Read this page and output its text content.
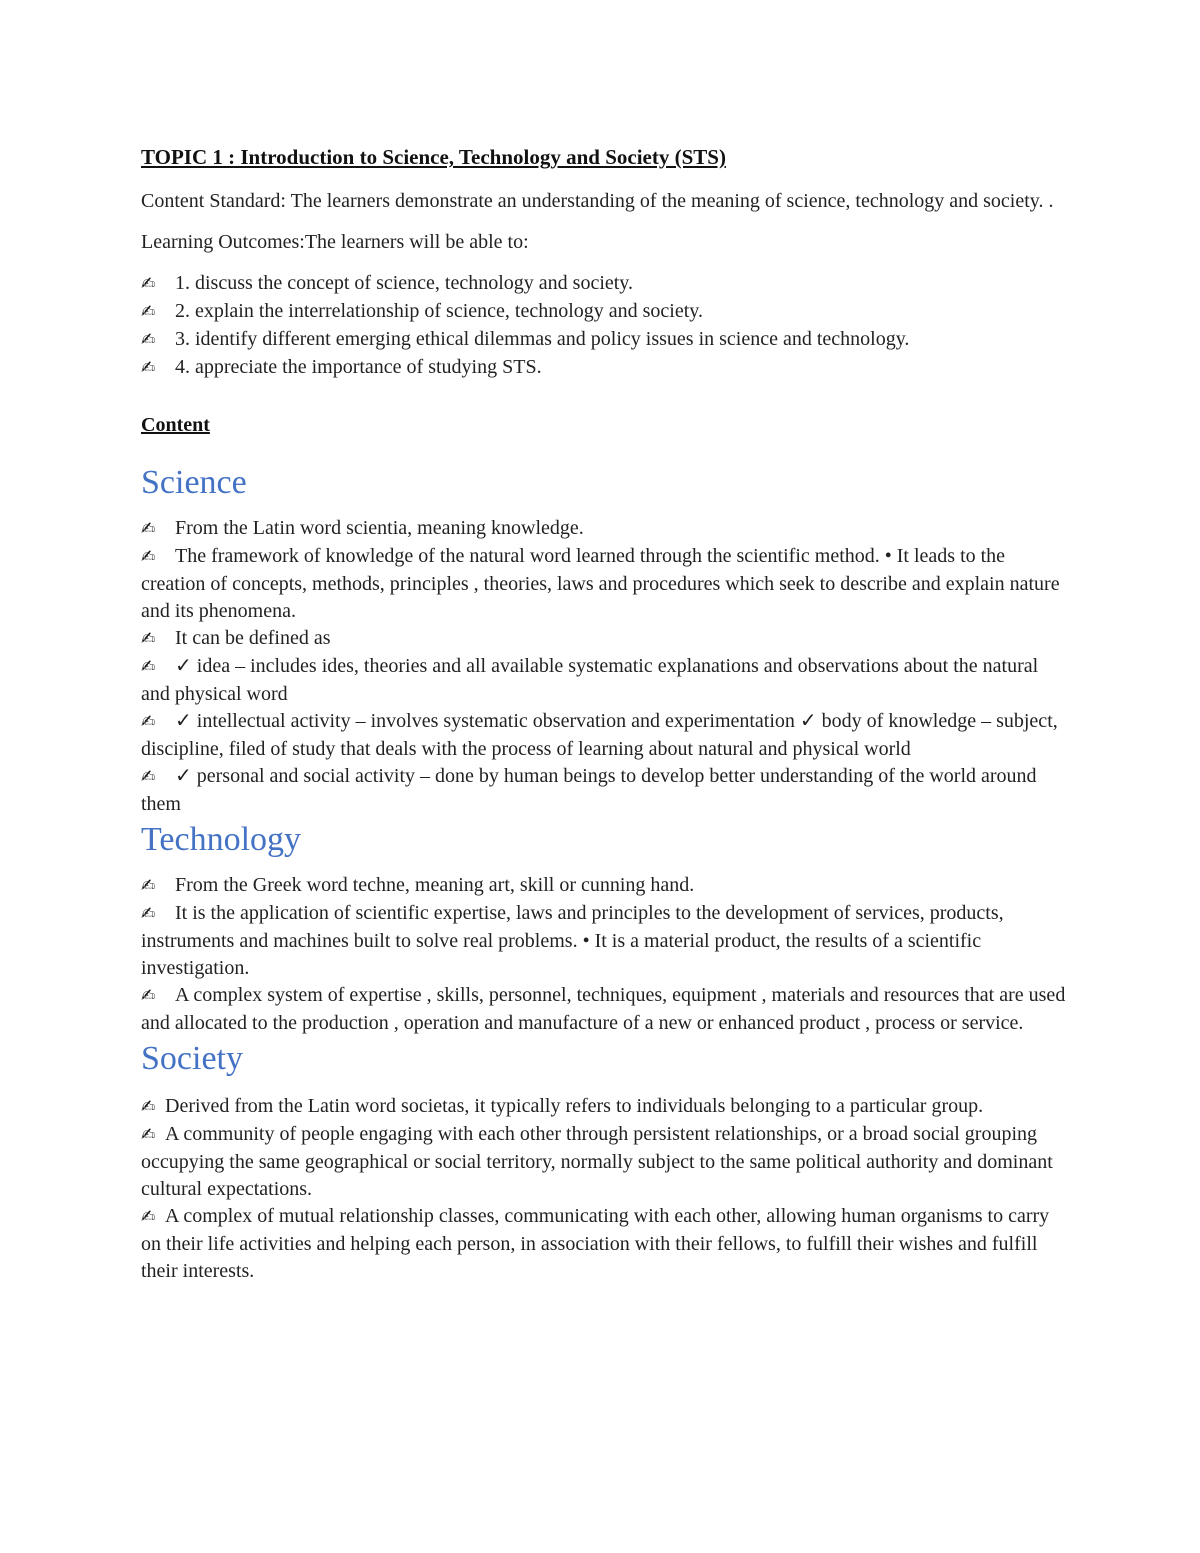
TOPIC 1 : Introduction to Science, Technology and Society (STS)

Content Standard: The learners demonstrate an understanding of the meaning of science, technology and society. .

Learning Outcomes:The learners will be able to:

✍ 1. discuss the concept of science, technology and society.

✍ 2. explain the interrelationship of science, technology and society.

✍ 3. identify different emerging ethical dilemmas and policy issues in science and technology.

✍ 4. appreciate the importance of studying STS.

Content

Science

✍ From the Latin word scientia, meaning knowledge.

✍ The framework of knowledge of the natural word learned through the scientific method. • It leads to the creation of concepts, methods, principles , theories, laws and procedures which seek to describe and explain nature and its phenomena.

✍ It can be defined as

✍ ✓ idea – includes ides, theories and all available systematic explanations and observations about the natural and physical word

✍ ✓ intellectual activity – involves systematic observation and experimentation ✓ body of knowledge – subject, discipline, filed of study that deals with the process of learning about natural and physical world

✍ ✓ personal and social activity – done by human beings to develop better understanding of the world around them

Technology

✍ From the Greek word techne, meaning art, skill or cunning hand.

✍ It is the application of scientific expertise, laws and principles to the development of services, products, instruments and machines built to solve real problems. • It is a material product, the results of a scientific investigation.

✍ A complex system of expertise , skills, personnel, techniques, equipment , materials and resources that are used and allocated to the production , operation and manufacture of a new or enhanced product , process or service.

Society

✍ Derived from the Latin word societas, it typically refers to individuals belonging to a particular group.

✍ A community of people engaging with each other through persistent relationships, or a broad social grouping occupying the same geographical or social territory, normally subject to the same political authority and dominant cultural expectations.

✍ A complex of mutual relationship classes, communicating with each other, allowing human organisms to carry on their life activities and helping each person, in association with their fellows, to fulfill their wishes and fulfill their interests.
